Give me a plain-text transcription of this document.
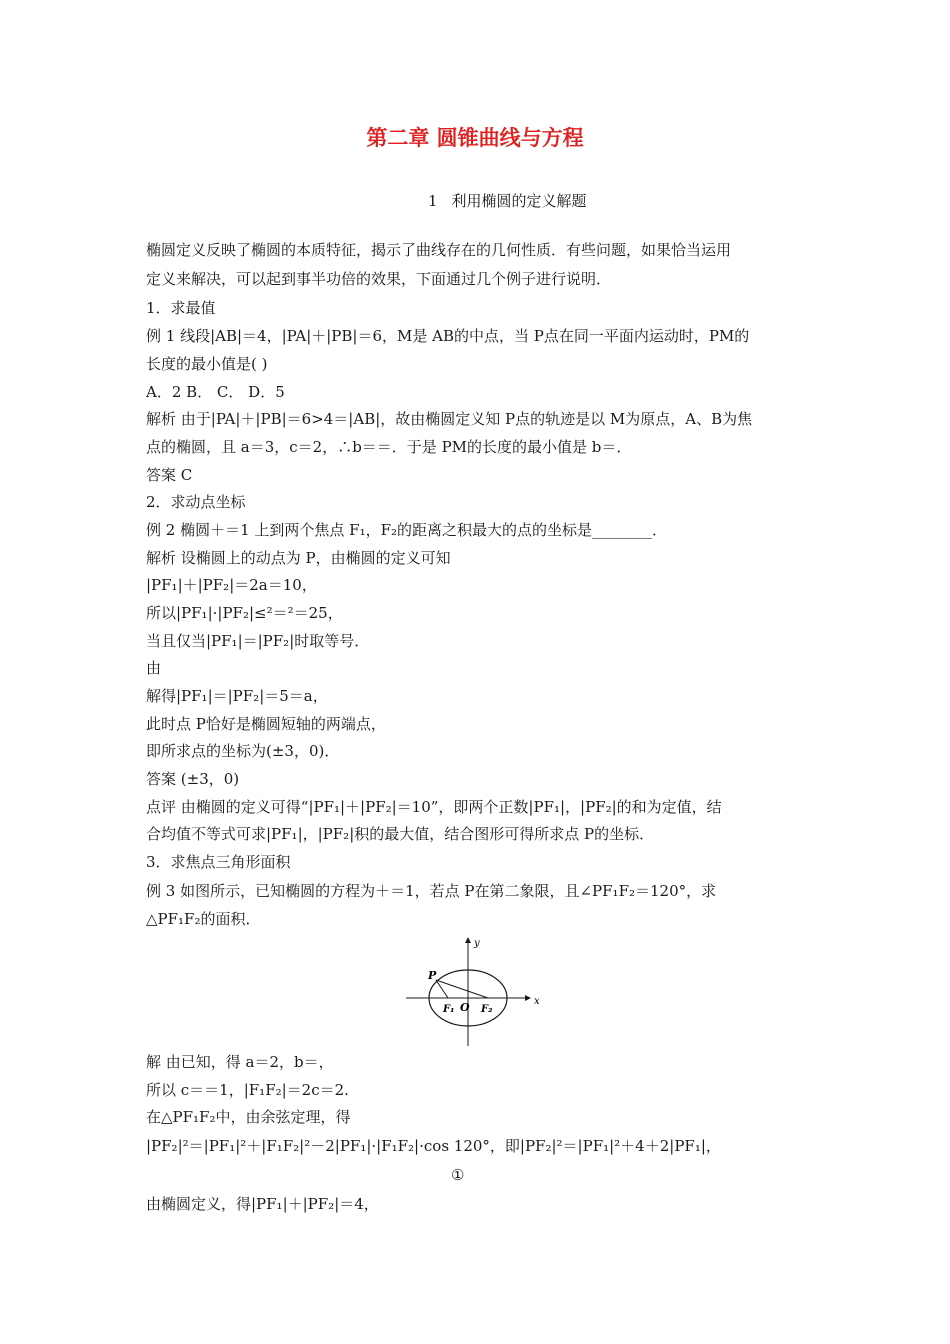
第二章 圆锥曲线与方程
1 利用椭圆的定义解题
椭圆定义反映了椭圆的本质特征，揭示了曲线存在的几何性质．有些问题，如果恰当运用
定义来解决，可以起到事半功倍的效果，下面通过几个例子进行说明．
1．求最值
例 1 线段|AB|＝4，|PA|＋|PB|＝6，M是 AB的中点，当 P点在同一平面内运动时，PM的
长度的最小值是( )
A．2 B． C． D．5
解析 由于|PA|＋|PB|＝6>4＝|AB|，故由椭圆定义知 P点的轨迹是以 M为原点，A、B为焦
点的椭圆，且 a＝3，c＝2，∴b＝＝．于是 PM的长度的最小值是 b＝．
答案 C
2．求动点坐标
例 2 椭圆＋＝1 上到两个焦点 F₁，F₂的距离之积最大的点的坐标是________．
解析 设椭圆上的动点为 P，由椭圆的定义可知
|PF₁|＋|PF₂|＝2a＝10，
所以|PF₁|·|PF₂|≤²＝²＝25，
当且仅当|PF₁|＝|PF₂|时取等号．
由
解得|PF₁|＝|PF₂|＝5＝a，
此时点 P恰好是椭圆短轴的两端点，
即所求点的坐标为(±3，0)．
答案 (±3，0)
点评 由椭圆的定义可得“|PF₁|＋|PF₂|＝10”，即两个正数|PF₁|，|PF₂|的和为定值，结
合均值不等式可求|PF₁|，|PF₂|积的最大值，结合图形可得所求点 P的坐标．
3．求焦点三角形面积
例 3 如图所示，已知椭圆的方程为＋＝1，若点 P在第二象限，且∠PF₁F₂＝120°，求
△PF₁F₂的面积．
解 由已知，得 a＝2，b＝，
所以 c＝＝1，|F₁F₂|＝2c＝2.
在△PF₁F₂中，由余弦定理，得
|PF₂|²＝|PF₁|²＋|F₁F₂|²－2|PF₁|·|F₁F₂|·cos 120°，即|PF₂|²＝|PF₁|²＋4＋2|PF₁|，
①
由椭圆定义，得|PF₁|＋|PF₂|＝4，
y
x
P
F₁ O F₂
